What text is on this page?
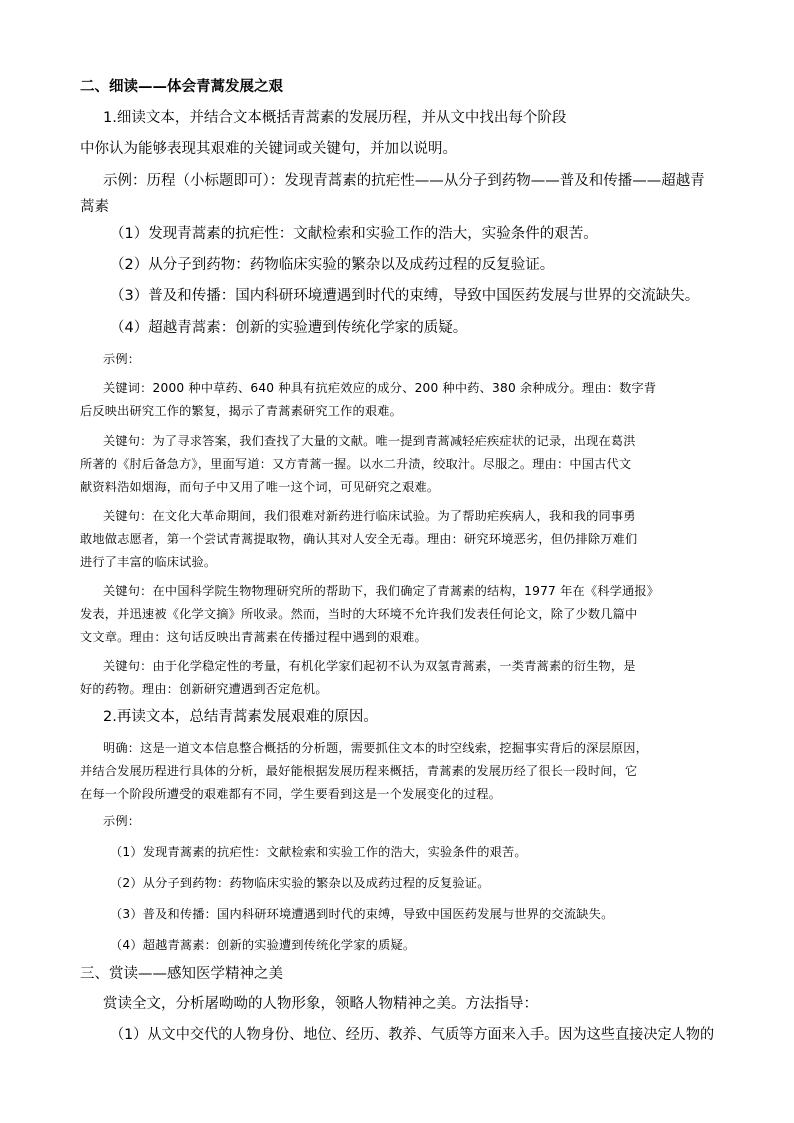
二、细读——体会青蒿发展之艰
1.细读文本，并结合文本概括青蒿素的发展历程，并从文中找出每个阶段
中你认为能够表现其艰难的关键词或关键句，并加以说明。
示例：历程（小标题即可）：发现青蒿素的抗疟性——从分子到药物——普及和传播——超越青
蒿素
（1）发现青蒿素的抗疟性：文献检索和实验工作的浩大，实验条件的艰苦。
（2）从分子到药物：药物临床实验的繁杂以及成药过程的反复验证。
（3）普及和传播：国内科研环境遭遇到时代的束缚，导致中国医药发展与世界的交流缺失。
（4）超越青蒿素：创新的实验遭到传统化学家的质疑。
示例：
关键词：2000 种中草药、640 种具有抗疟效应的成分、200 种中药、380 余种成分。理由：数字背
后反映出研究工作的繁复，揭示了青蒿素研究工作的艰难。
关键句：为了寻求答案，我们查找了大量的文献。唯一提到青蒿减轻疟疾症状的记录，出现在葛洪
所著的《肘后备急方》，里面写道：又方青蒿一握。以水二升渍，绞取汁。尽服之。理由：中国古代文
献资料浩如烟海，而句子中又用了唯一这个词，可见研究之艰难。
关键句：在文化大革命期间，我们很难对新药进行临床试验。为了帮助疟疾病人，我和我的同事勇
敢地做志愿者，第一个尝试青蒿提取物，确认其对人安全无毒。理由：研究环境恶劣，但仍排除万难们
进行了丰富的临床试验。
关键句：在中国科学院生物物理研究所的帮助下，我们确定了青蒿素的结构，1977 年在《科学通报》
发表，并迅速被《化学文摘》所收录。然而，当时的大环境不允许我们发表任何论文，除了少数几篇中
文文章。理由：这句话反映出青蒿素在传播过程中遇到的艰难。
关键句：由于化学稳定性的考量，有机化学家们起初不认为双氢青蒿素，一类青蒿素的衍生物，是
好的药物。理由：创新研究遭遇到否定危机。
2.再读文本，总结青蒿素发展艰难的原因。
明确：这是一道文本信息整合概括的分析题，需要抓住文本的时空线索，挖掘事实背后的深层原因，
并结合发展历程进行具体的分析，最好能根据发展历程来概括，青蒿素的发展历经了很长一段时间，它
在每一个阶段所遭受的艰难都有不同，学生要看到这是一个发展变化的过程。
示例：
（1）发现青蒿素的抗疟性：文献检索和实验工作的浩大，实验条件的艰苦。
（2）从分子到药物：药物临床实验的繁杂以及成药过程的反复验证。
（3）普及和传播：国内科研环境遭遇到时代的束缚，导致中国医药发展与世界的交流缺失。
（4）超越青蒿素：创新的实验遭到传统化学家的质疑。
三、赏读——感知医学精神之美
赏读全文，分析屠呦呦的人物形象，领略人物精神之美。方法指导：
（1）从文中交代的人物身份、地位、经历、教养、气质等方面来入手。因为这些直接决定人物的
